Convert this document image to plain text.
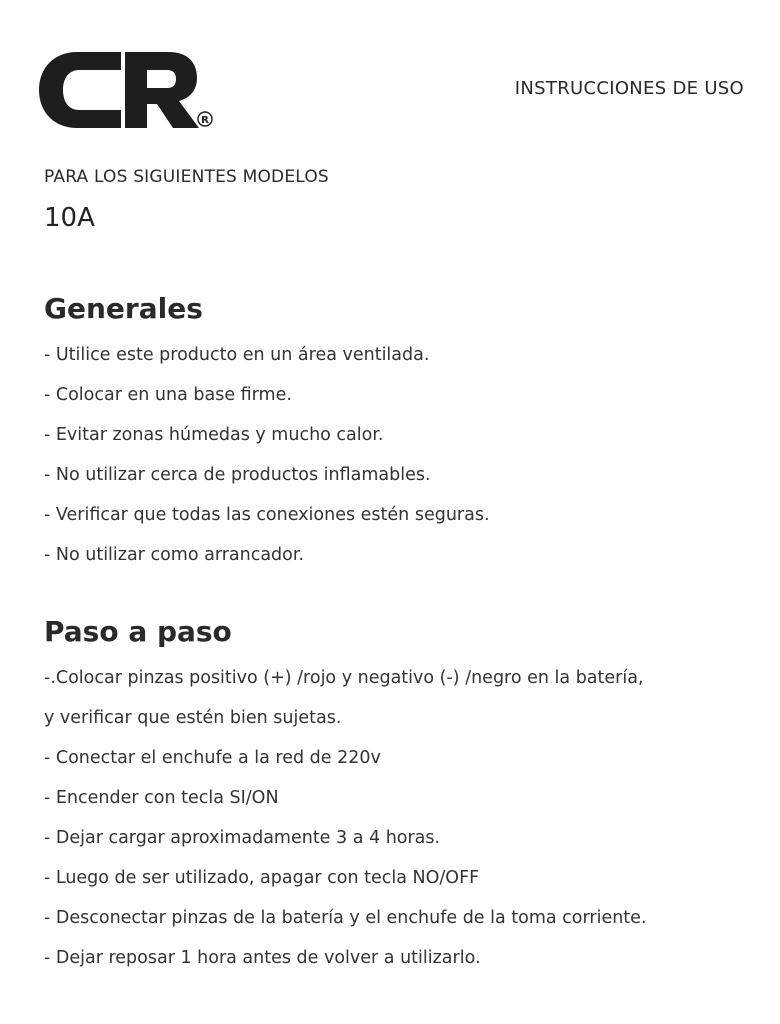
R
INSTRUCCIONES DE USO
PARA LOS SIGUIENTES MODELOS
10A
Generales
- Utilice este producto en un área ventilada.
- Colocar en una base firme.
- Evitar zonas húmedas y mucho calor.
- No utilizar cerca de productos inflamables.
- Verificar que todas las conexiones estén seguras.
- No utilizar como arrancador.
Paso a paso
-.Colocar pinzas positivo (+) /rojo y negativo (-) /negro en la batería,
y verificar que estén bien sujetas.
- Conectar el enchufe a la red de 220v
- Encender con tecla SI/ON
- Dejar cargar aproximadamente 3 a 4 horas.
- Luego de ser utilizado, apagar con tecla NO/OFF
- Desconectar pinzas de la batería y el enchufe de la toma corriente.
- Dejar reposar 1 hora antes de volver a utilizarlo.
